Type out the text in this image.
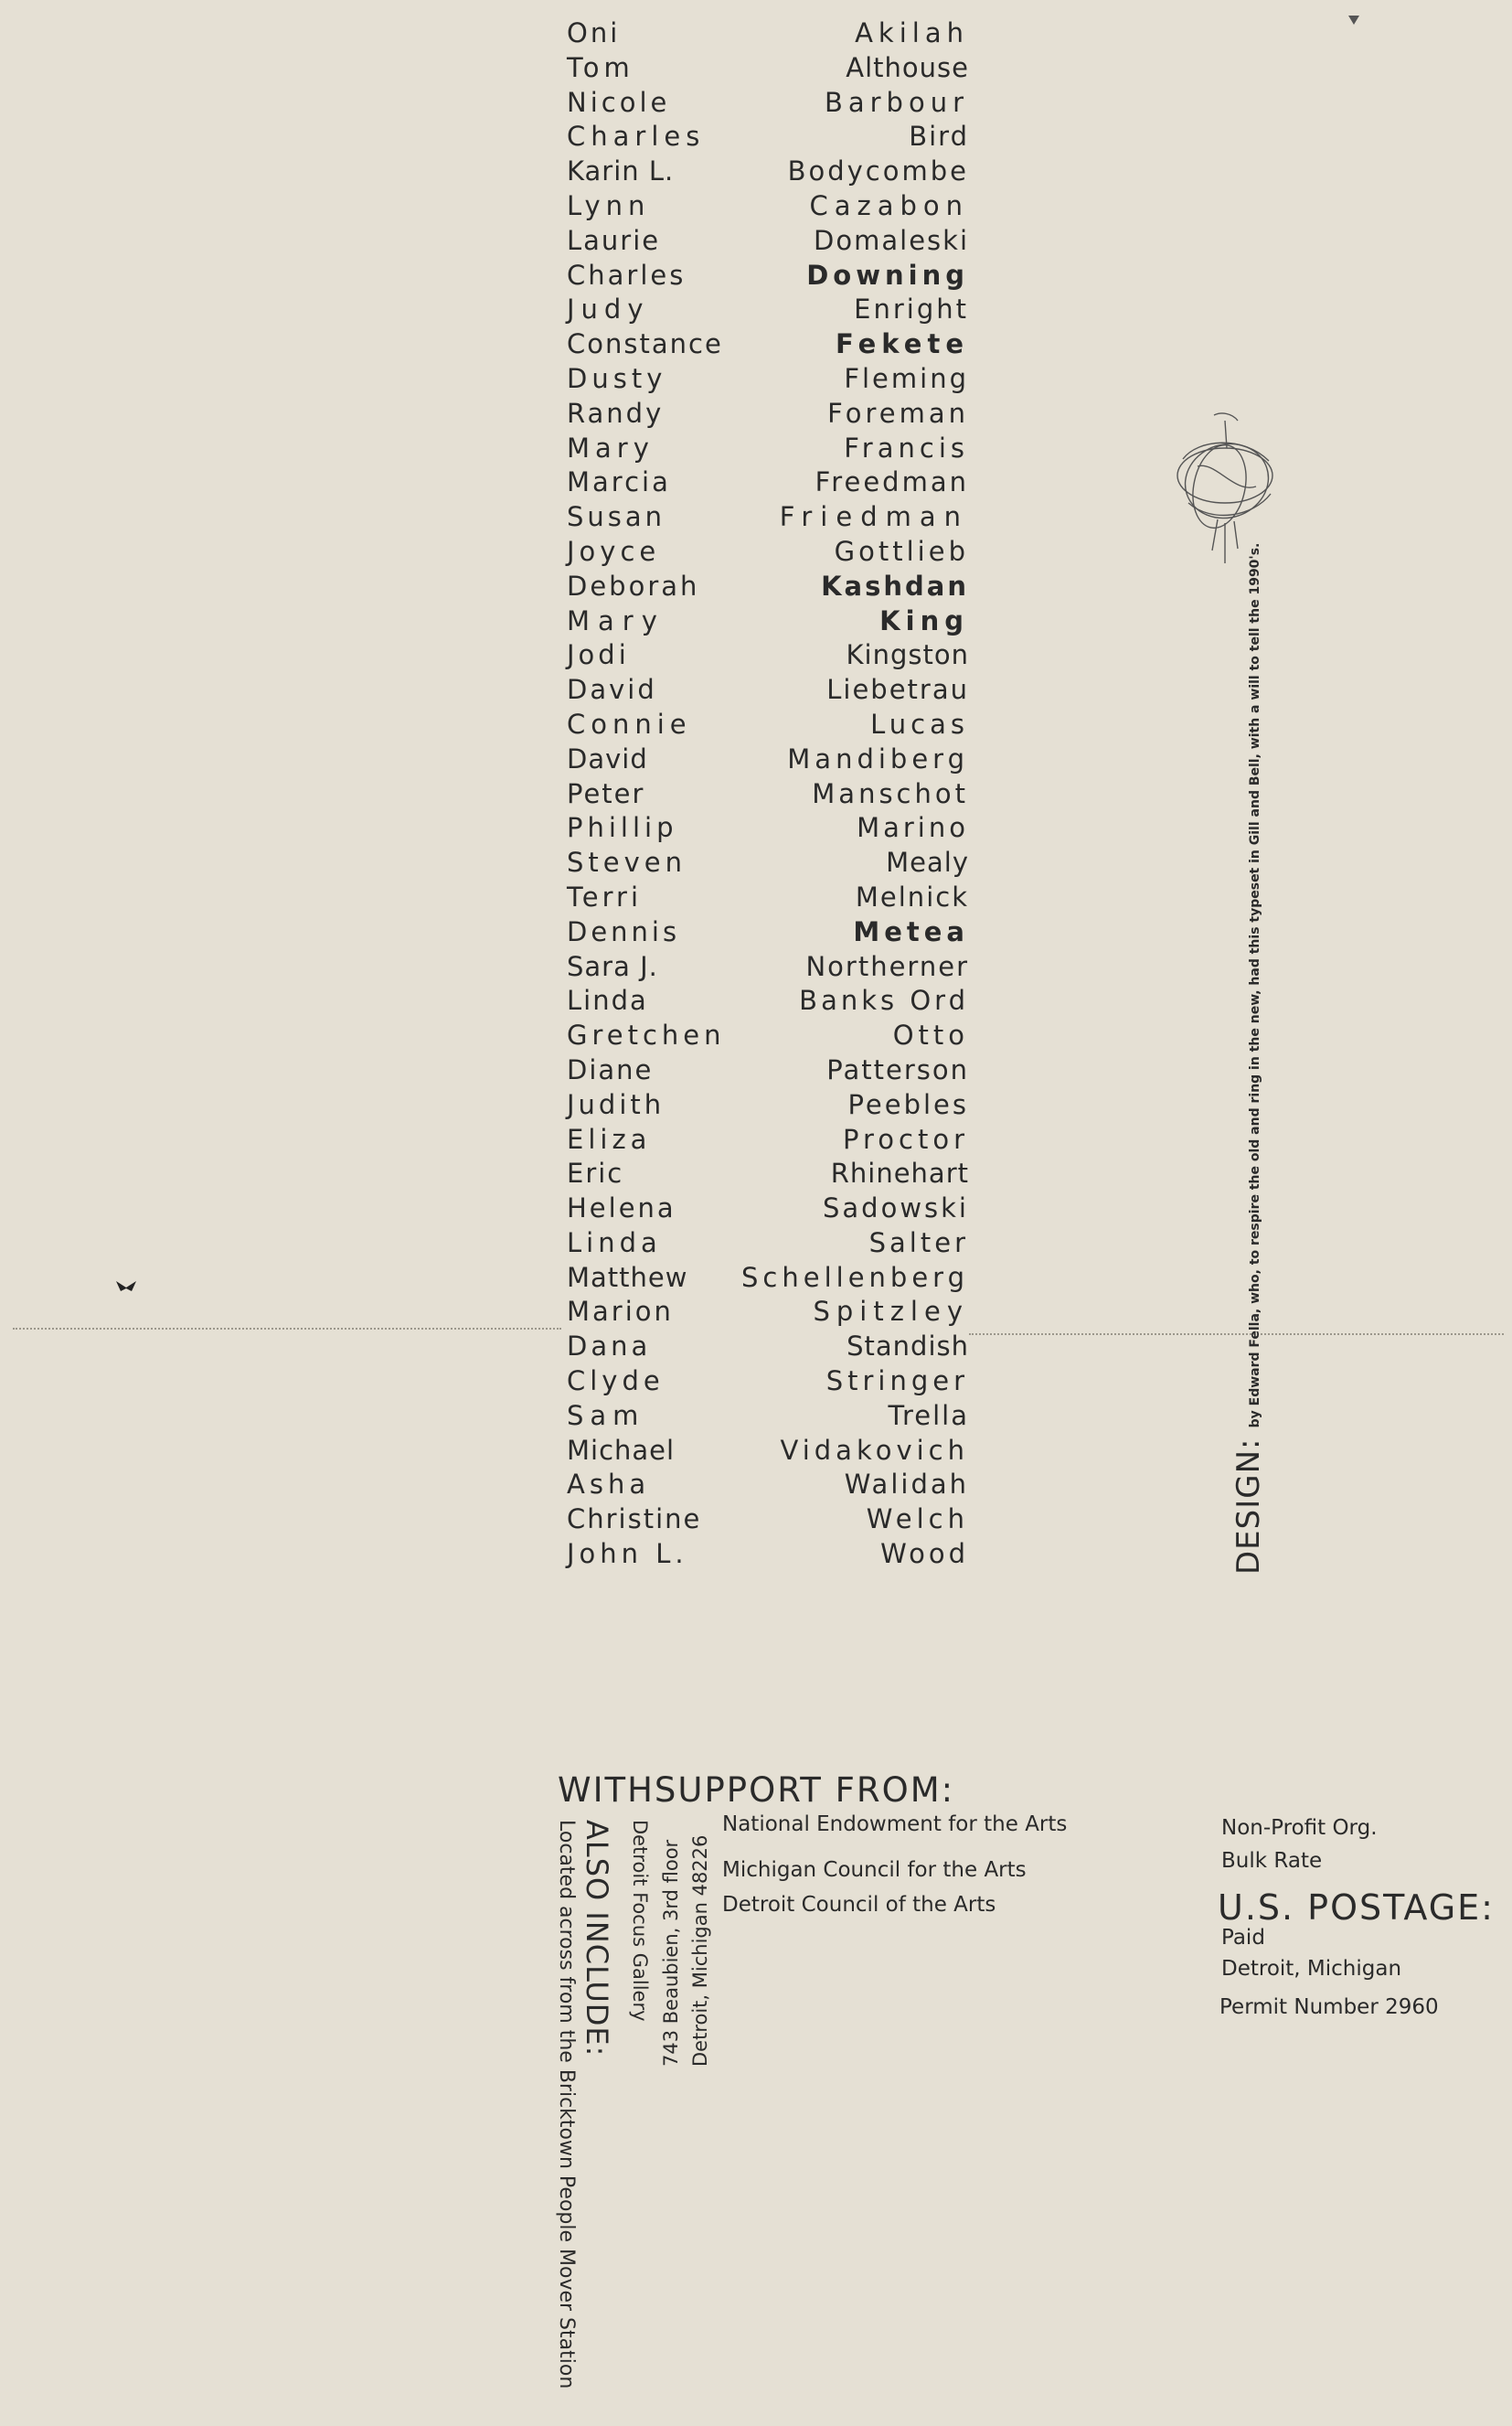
Oni	Akilah
Tom	Althouse
Nicole	Barbour
Charles	Bird
Karin L.	Bodycombe
Lynn	Cazabon
Laurie	Domaleski
Charles	Downing
Judy	Enright
Constance	Fekete
Dusty	Fleming
Randy	Foreman
Mary	Francis
Marcia	Freedman
Susan	Friedman
Joyce	Gottlieb
Deborah	Kashdan
Mary	King
Jodi	Kingston
David	Liebetrau
Connie	Lucas
David	Mandiberg
Peter	Manschot
Phillip	Marino
Steven	Mealy
Terri	Melnick
Dennis	Metea
Sara J.	Northerner
Linda	Banks Ord
Gretchen	Otto
Diane	Patterson
Judith	Peebles
Eliza	Proctor
Eric	Rhinehart
Helena	Sadowski
Linda	Salter
Matthew Schellenberg
Marion	Spitzley
Dana	Standish
Clyde	Stringer
Sam	Trella
Michael	Vidakovich
Asha	Walidah
Christine	Welch
John L.	Wood	DESIGN: by Edward Fella, who, to respire the old and ring in the new, had this typeset in Gill and Bell, with a will to tell the 1990's.
WITHSUPPORT FROM:
National Endowment for the Arts
Michigan Council for the Arts
Detroit Council of the Arts
ALSO INCLUDE:
Located across from the Bricktown People Mover Station	Detroit Focus Gallery 743 Beaubien, 3rd floor Detroit, Michigan 48226
Non-Profit Org.
Bulk Rate
U.S. POSTAGE:
Paid
Detroit, Michigan
Permit Number 2960
